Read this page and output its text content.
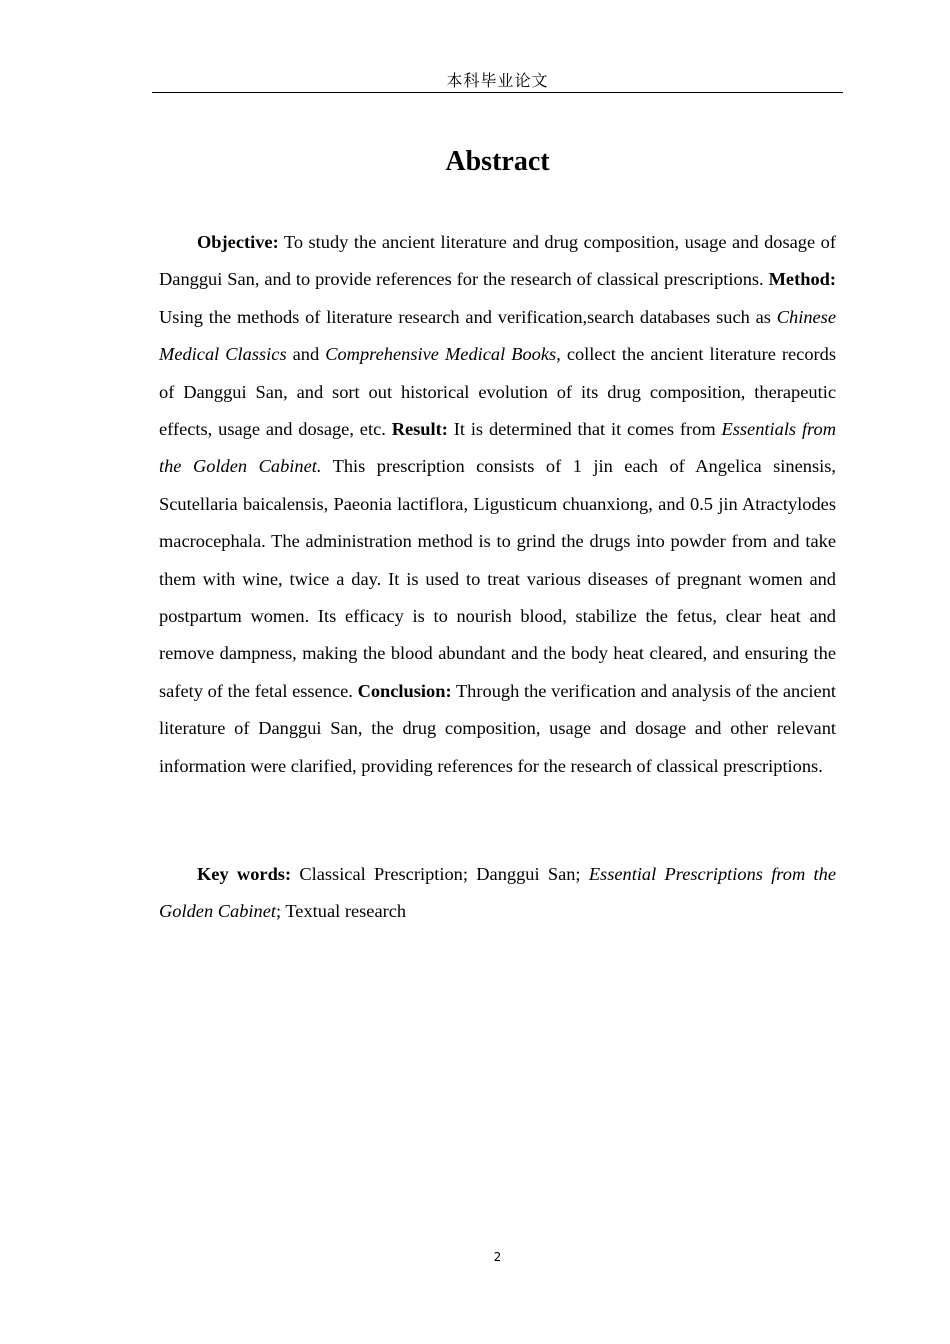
本科毕业论文
Abstract

Objective: To study the ancient literature and drug composition, usage and dosage of Danggui San, and to provide references for the research of classical prescriptions. Method: Using the methods of literature research and verification,search databases such as Chinese Medical Classics and Comprehensive Medical Books, collect the ancient literature records of Danggui San, and sort out historical evolution of its drug composition, therapeutic effects, usage and dosage, etc. Result: It is determined that it comes from Essentials from the Golden Cabinet. This prescription consists of 1 jin each of Angelica sinensis, Scutellaria baicalensis, Paeonia lactiflora, Ligusticum chuanxiong, and 0.5 jin Atractylodes macrocephala. The administration method is to grind the drugs into powder from and take them with wine, twice a day. It is used to treat various diseases of pregnant women and postpartum women. Its efficacy is to nourish blood, stabilize the fetus, clear heat and remove dampness, making the blood abundant and the body heat cleared, and ensuring the safety of the fetal essence. Conclusion: Through the verification and analysis of the ancient literature of Danggui San, the drug composition, usage and dosage and other relevant information were clarified, providing references for the research of classical prescriptions.

Key words: Classical Prescription; Danggui San; Essential Prescriptions from the Golden Cabinet; Textual research

2
